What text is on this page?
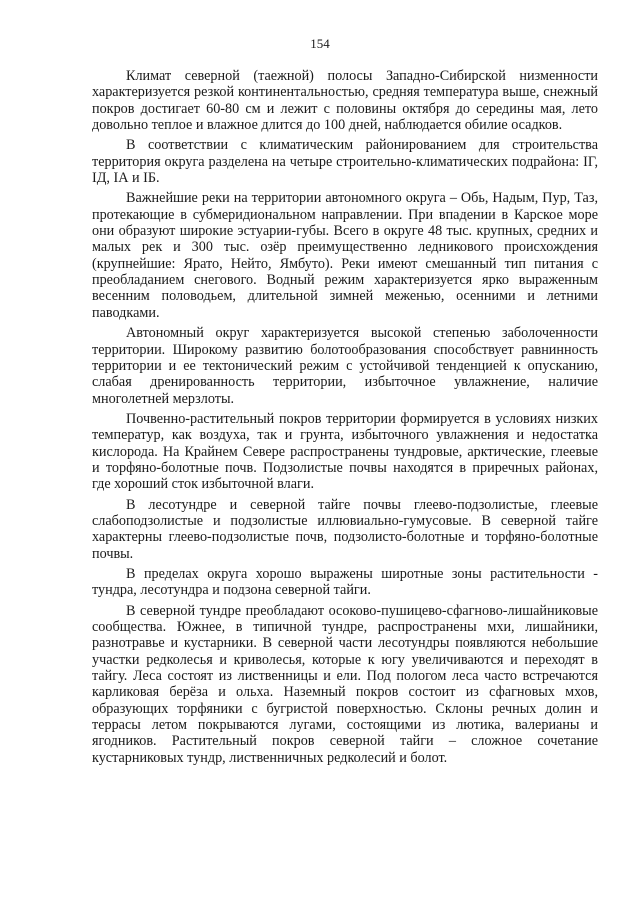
154

Климат северной (таежной) полосы Западно-Сибирской низменности характеризуется резкой континентальностью, средняя температура выше, снежный покров достигает 60-80 см и лежит с половины октября до середины мая, лето довольно теплое и влажное длится до 100 дней, наблюдается обилие осадков.

В соответствии с климатическим районированием для строительства территория округа разделена на четыре строительно-климатических подрайона: IГ, IД, IА и IБ.

Важнейшие реки на территории автономного округа – Обь, Надым, Пур, Таз, протекающие в субмеридиональном направлении. При впадении в Карское море они образуют широкие эстуарии-губы. Всего в округе 48 тыс. крупных, средних и малых рек и 300 тыс. озёр преимущественно ледникового происхождения (крупнейшие: Ярато, Нейто, Ямбуто). Реки имеют смешанный тип питания с преобладанием снегового. Водный режим характеризуется ярко выраженным весенним половодьем, длительной зимней меженью, осенними и летними паводками.

Автономный округ характеризуется высокой степенью заболоченности территории. Широкому развитию болотообразования способствует равнинность территории и ее тектонический режим с устойчивой тенденцией к опусканию, слабая дренированность территории, избыточное увлажнение, наличие многолетней мерзлоты.

Почвенно-растительный покров территории формируется в условиях низких температур, как воздуха, так и грунта, избыточного увлажнения и недостатка кислорода. На Крайнем Севере распространены тундровые, арктические, глеевые и торфяно-болотные почв. Подзолистые почвы находятся в приречных районах, где хороший сток избыточной влаги.

В лесотундре и северной тайге почвы глеево-подзолистые, глеевые слабоподзолистые и подзолистые иллювиально-гумусовые. В северной тайге характерны глеево-подзолистые почв, подзолисто-болотные и торфяно-болотные почвы.

В пределах округа хорошо выражены широтные зоны растительности - тундра, лесотундра и подзона северной тайги.

В северной тундре преобладают осоково-пушицево-сфагново-лишайниковые сообщества. Южнее, в типичной тундре, распространены мхи, лишайники, разнотравье и кустарники. В северной части лесотундры появляются небольшие участки редколесья и криволесья, которые к югу увеличиваются и переходят в тайгу. Леса состоят из лиственницы и ели. Под пологом леса часто встречаются карликовая берёза и ольха. Наземный покров состоит из сфагновых мхов, образующих торфяники с бугристой поверхностью. Склоны речных долин и террасы летом покрываются лугами, состоящими из лютика, валерианы и ягодников. Растительный покров северной тайги – сложное сочетание кустарниковых тундр, лиственничных редколесий и болот.
